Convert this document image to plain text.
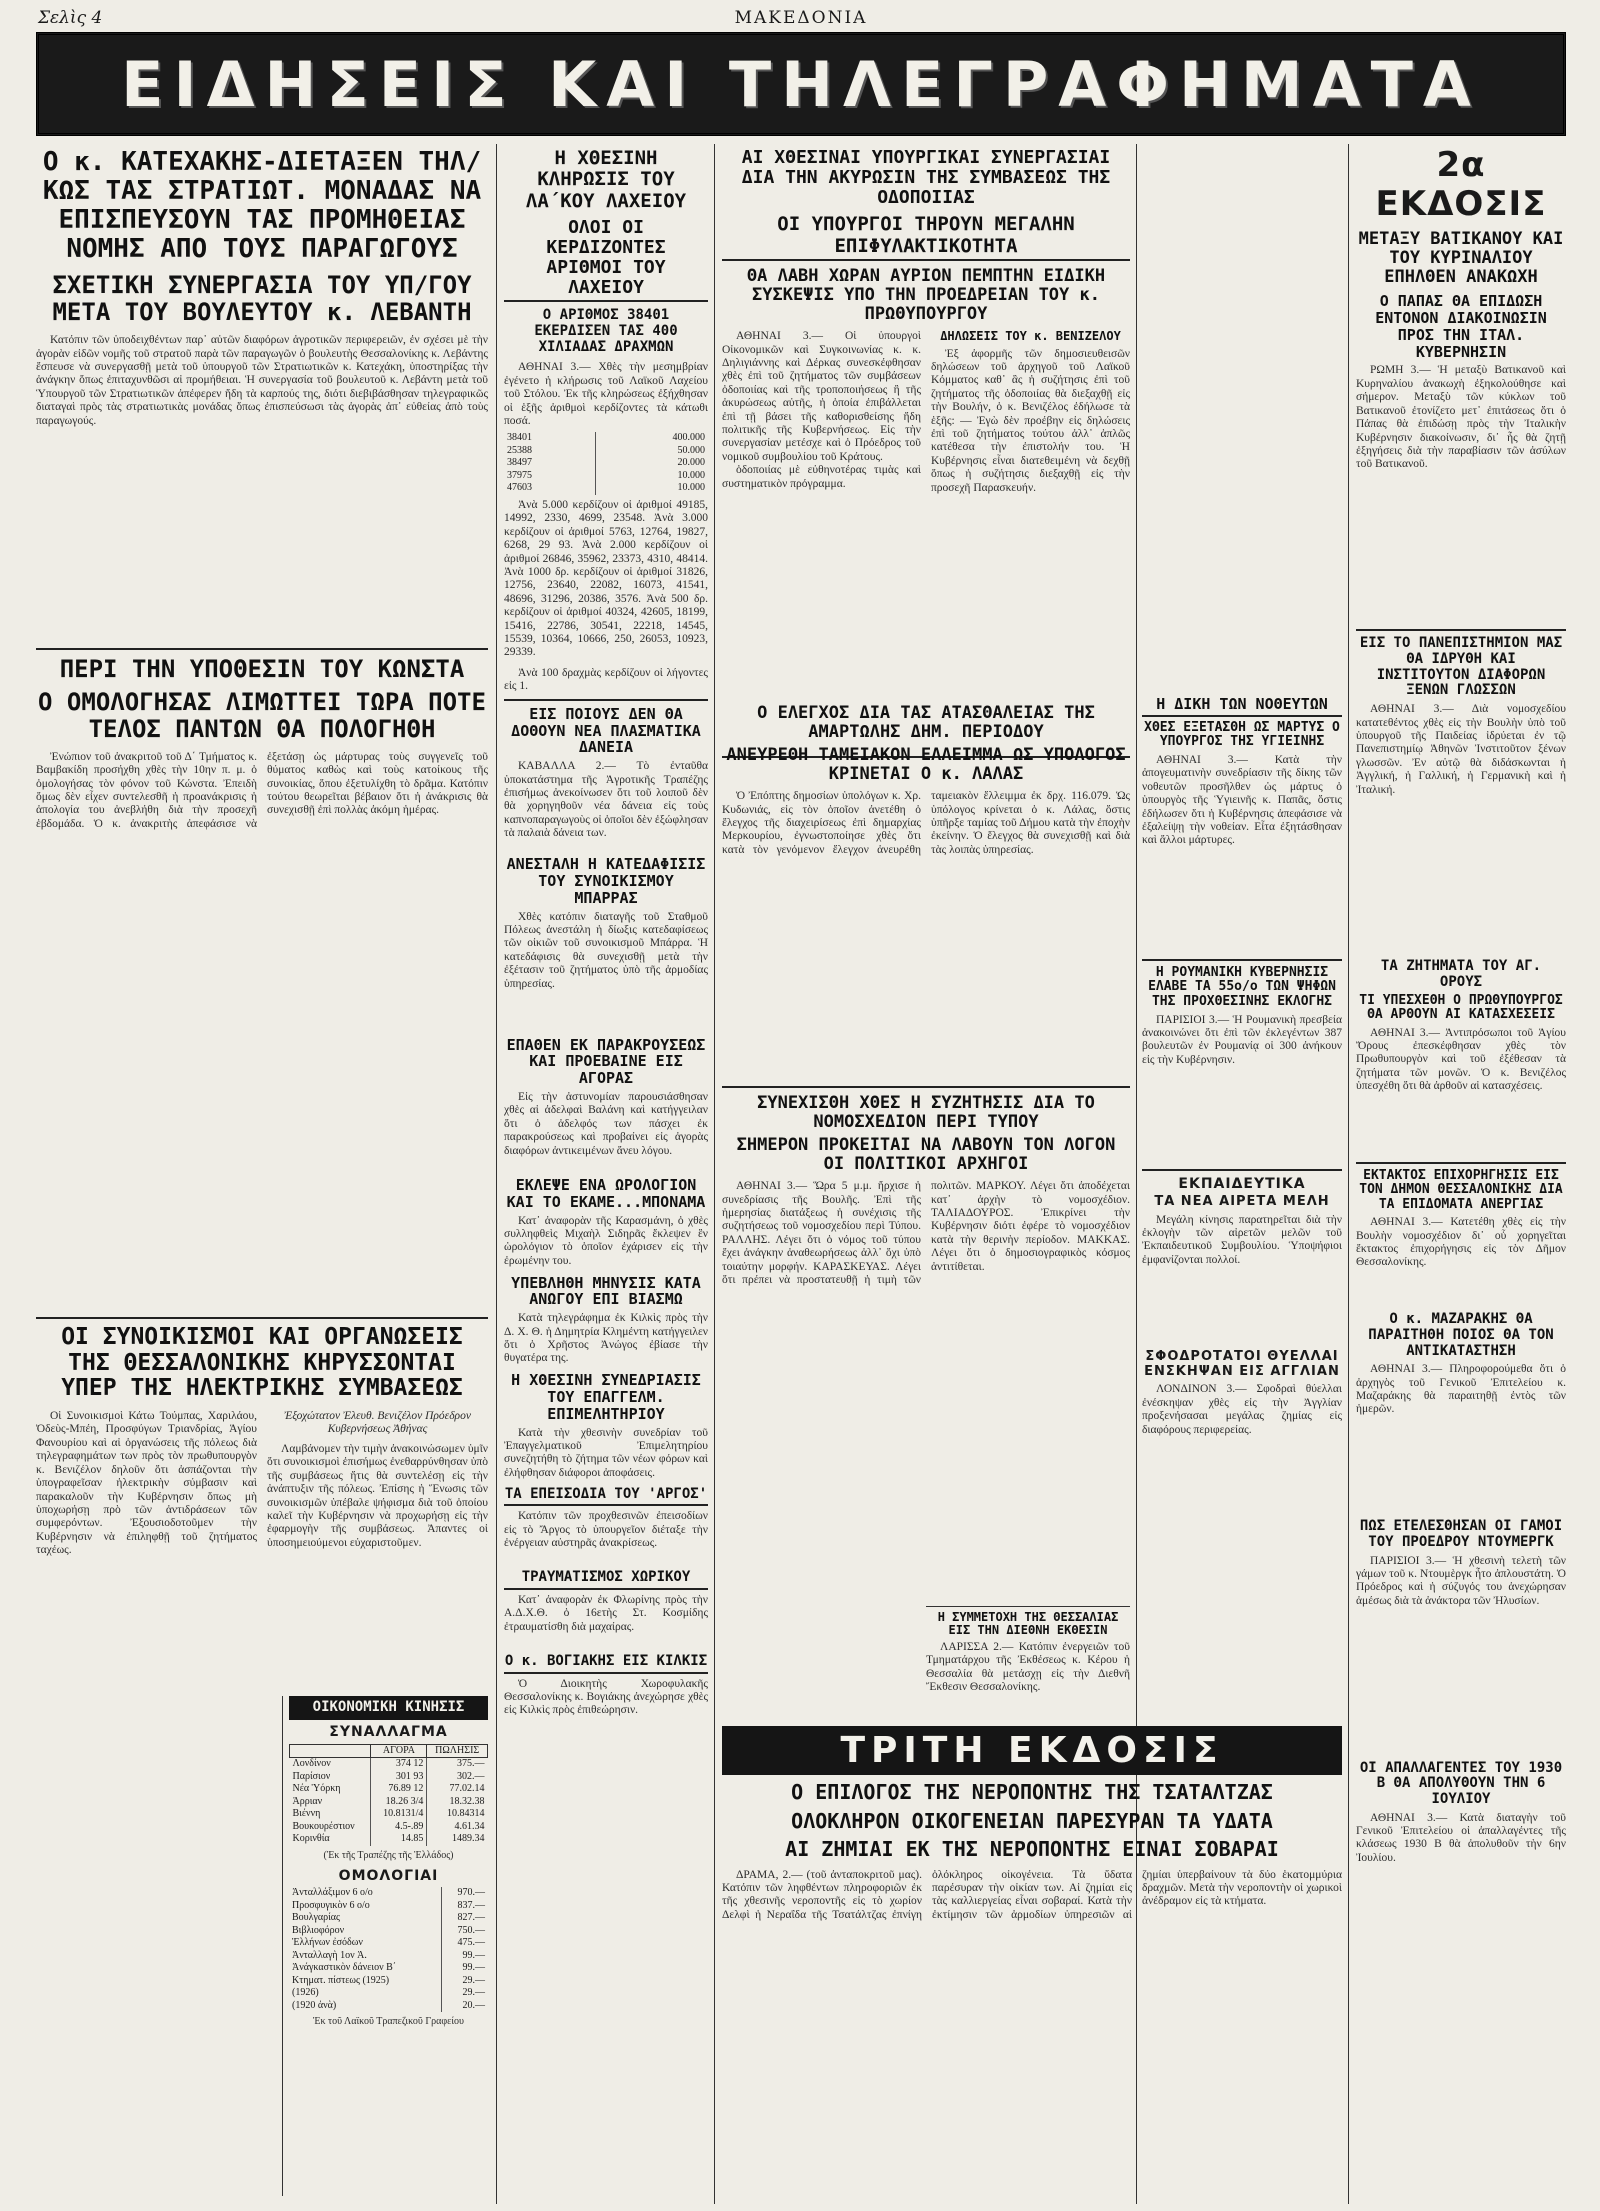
Σελὶς 4	ΜΑΚΕΔΟΝΙΑ
ΕΙΔΗΣΕΙΣ ΚΑΙ ΤΗΛΕΓΡΑΦΗΜΑΤΑ
Ο κ. ΚΑΤΕΧΑΚΗΣ-ΔΙΕΤΑΞΕΝ ΤΗΛ/ΚΩΣ ΤΑΣ ΣΤΡΑΤΙΩΤ. ΜΟΝΑΔΑΣ ΝΑ ΕΠΙΣΠΕΥΣΟΥΝ ΤΑΣ ΠΡΟΜΗΘΕΙΑΣ ΝΟΜΗΣ ΑΠΟ ΤΟΥΣ ΠΑΡΑΓΩΓΟΥΣ
ΣΧΕΤΙΚΗ ΣΥΝΕΡΓΑΣΙΑ ΤΟΥ ΥΠ/ΓΟΥ ΜΕΤΑ ΤΟΥ ΒΟΥΛΕΥΤΟΥ κ. ΛΕΒΑΝΤΗ

Κατόπιν τῶν ὑποδειχθέντων παρ᾽ αὐτῶν διαφόρων ἀγροτικῶν περιφερειῶν, ἐν σχέσει μὲ τὴν ἀγορὰν εἰδῶν νομῆς τοῦ στρατοῦ παρὰ τῶν παραγωγῶν ὁ βουλευτὴς Θεσσαλονίκης κ. Λεβάντης ἔσπευσε νὰ συνεργασθῇ μετὰ τοῦ ὑπουργοῦ τῶν Στρατιωτικῶν κ. Κατεχάκη, ὑποστηρίξας τὴν ἀνάγκην ὅπως ἐπιταχυνθῶσι αἱ προμήθειαι. Ἡ συνεργασία τοῦ βουλευτοῦ κ. Λεβάντη μετὰ τοῦ Ὑπουργοῦ τῶν Στρατιωτικῶν ἀπέφερεν ἤδη τὰ καρπούς της, διότι διεβιβάσθησαν τηλεγραφικῶς διαταγαὶ πρὸς τὰς στρατιωτικὰς μονάδας ὅπως ἐπισπεύσωσι τὰς ἀγορὰς ἀπ᾽ εὐθείας ἀπὸ τοὺς παραγωγούς.

ΠΕΡΙ ΤΗΝ ΥΠΟΘΕΣΙΝ ΤΟΥ ΚΩΝΣΤΑ
Ο ΟΜΟΛΟΓΗΣΑΣ ΛΙΜΩΤΤΕΙ ΤΩΡΑ ΠΟΤΕ ΤΕΛΟΣ ΠΑΝΤΩΝ ΘΑ ΠΟΛΟΓΗΘΗ

Ἐνώπιον τοῦ ἀνακριτοῦ τοῦ Δ΄ Τμήματος κ. Βαμβακίδη προσήχθη χθὲς τὴν 10ην π. μ. ὁ ὁμολογήσας τὸν φόνον τοῦ Κώνστα. Ἐπειδὴ ὅμως δὲν εἶχεν συντελεσθῆ ἡ προανάκρισις ἡ ἀπολογία του ἀνεβλήθη διὰ τὴν προσεχῆ ἑβδομάδα. Ὁ κ. ἀνακριτὴς ἀπεφάσισε νὰ ἐξετάσῃ ὡς μάρτυρας τοὺς συγγενεῖς τοῦ θύματος καθὼς καὶ τοὺς κατοίκους τῆς συνοικίας, ὅπου ἐξετυλίχθη τὸ δρᾶμα. Κατόπιν τούτου θεωρεῖται βέβαιον ὅτι ἡ ἀνάκρισις θὰ συνεχισθῇ ἐπὶ πολλὰς ἀκόμη ἡμέρας.

ΟΙ ΣΥΝΟΙΚΙΣΜΟΙ ΚΑΙ ΟΡΓΑΝΩΣΕΙΣ ΤΗΣ ΘΕΣΣΑΛΟΝΙΚΗΣ ΚΗΡΥΣΣΟΝΤΑΙ ΥΠΕΡ ΤΗΣ ΗΛΕΚΤΡΙΚΗΣ ΣΥΜΒΑΣΕΩΣ

Οἱ Συνοικισμοὶ Κάτω Τούμπας, Χαριλάου, Ὀδεὺς-Μπέη, Προσφύγων Τριανδρίας, Ἁγίου Φανουρίου καὶ αἱ ὀργανώσεις τῆς πόλεως διὰ τηλεγραφημάτων των πρὸς τὸν πρωθυπουργὸν κ. Βενιζέλον δηλοῦν ὅτι ἀσπάζονται τὴν ὑπογραφεῖσαν ἠλεκτρικὴν σύμβασιν καὶ παρακαλοῦν τὴν Κυβέρνησιν ὅπως μὴ ὑποχωρήσῃ πρὸ τῶν ἀντιδράσεων τῶν συμφερόντων. Ἐξουσιοδοτοῦμεν τὴν Κυβέρνησιν νὰ ἐπιληφθῇ τοῦ ζητήματος ταχέως.

Ἐξοχώτατον Ἐλευθ. Βενιζέλον Πρόεδρον Κυβερνήσεως Ἀθήνας

Λαμβάνομεν τὴν τιμὴν ἀνακοινώσωμεν ὑμῖν ὅτι συνοικισμοὶ ἐπισήμως ἐνεθαρρύνθησαν ὑπὸ τῆς συμβάσεως ἤτις θὰ συντελέσῃ εἰς τὴν ἀνάπτυξιν τῆς πόλεως. Ἐπίσης ἡ Ἕνωσις τῶν συνοικισμῶν ὑπέβαλε ψήφισμα διὰ τοῦ ὁποίου καλεῖ τὴν Κυβέρνησιν νὰ προχωρήσῃ εἰς τὴν ἐφαρμογὴν τῆς συμβάσεως. Ἀπαντες οἱ ὑποσημειούμενοι εὐχαριστοῦμεν.

Η ΧΘΕΣΙΝΗ ΚΛΗΡΩΣΙΣ ΤΟΥ ΛΑ΄ΚΟΥ ΛΑΧΕΙΟΥ
ΟΛΟΙ ΟΙ ΚΕΡΔΙΖΟΝΤΕΣ ΑΡΙΘΜΟΙ ΤΟΥ ΛΑΧΕΙΟΥ
Ο ΑΡΙΘΜΟΣ 38401 ΕΚΕΡΔΙΣΕΝ ΤΑΣ 400 ΧΙΛΙΑΔΑΣ ΔΡΑΧΜΩΝ

ΑΘΗΝΑΙ 3.— Χθὲς τὴν μεσημβρίαν ἐγένετο ἡ κλήρωσις τοῦ Λαϊκοῦ Λαχείου τοῦ Στόλου. Ἐκ τῆς κληρώσεως ἐξήχθησαν οἱ ἑξῆς ἀριθμοὶ κερδίζοντες τὰ κάτωθι ποσά.

38401	400.000
25388	50.000
38497	20.000
37975	10.000
47603	10.000

Ἀνὰ 5.000 κερδίζουν οἱ ἀριθμοί 49185, 14992, 2330, 4699, 23548. Ἀνὰ 3.000 κερδίζουν οἱ ἀριθμοί 5763, 12764, 19827, 6268, 29 93. Ἀνὰ 2.000 κερδίζουν οἱ ἀριθμοί 26846, 35962, 23373, 4310, 48414. Ἀνὰ 1000 δρ. κερδίζουν οἱ ἀριθμοί 31826, 12756, 23640, 22082, 16073, 41541, 48696, 31296, 20386, 3576. Ἀνὰ 500 δρ. κερδίζουν οἱ ἀριθμοί 40324, 42605, 18199, 15416, 22786, 30541, 22218, 14545, 15539, 10364, 10666, 250, 26053, 10923, 29339.

Ἀνὰ 100 δραχμὰς κερδίζουν οἱ λήγοντες εἰς 1.

ΕΙΣ ΠΟΙΟΥΣ ΔΕΝ ΘΑ ΔΟΘΟΥΝ ΝΕΑ ΠΛΑΣΜΑΤΙΚΑ ΔΑΝΕΙΑ

ΚΑΒΑΛΛΑ 2.— Τὸ ἐνταῦθα ὑποκατάστημα τῆς Ἀγροτικῆς Τραπέζης ἐπισήμως ἀνεκοίνωσεν ὅτι τοῦ λοιποῦ δὲν θὰ χορηγηθοῦν νέα δάνεια εἰς τοὺς καπνοπαραγωγοὺς οἱ ὁποῖοι δὲν ἐξώφλησαν τὰ παλαιὰ δάνεια των.

ΑΝΕΣΤΑΛΗ Η ΚΑΤΕΔΑΦΙΣΙΣ ΤΟΥ ΣΥΝΟΙΚΙΣΜΟΥ ΜΠΑΡΡΑΣ

Χθὲς κατόπιν διαταγῆς τοῦ Σταθμοῦ Πόλεως ἀνεστάλη ἡ δίωξις κατεδαφίσεως τῶν οἰκιῶν τοῦ συνοικισμοῦ Μπάρρα. Ἡ κατεδάφισις θὰ συνεχισθῇ μετὰ τὴν ἐξέτασιν τοῦ ζητήματος ὑπὸ τῆς ἁρμοδίας ὑπηρεσίας.

ΕΠΑΘΕΝ ΕΚ ΠΑΡΑΚΡΟΥΣΕΩΣ ΚΑΙ ΠΡΟΕΒΑΙΝΕ ΕΙΣ ΑΓΟΡΑΣ

Εἰς τὴν ἀστυνομίαν παρουσιάσθησαν χθὲς αἱ ἀδελφαὶ Βαλάνη καὶ κατήγγειλαν ὅτι ὁ ἀδελφός των πάσχει ἐκ παρακρούσεως καὶ προβαίνει εἰς ἀγορὰς διαφόρων ἀντικειμένων ἄνευ λόγου.

ΕΚΛΕΨΕ ΕΝΑ ΩΡΟΛΟΓΙΟΝ ΚΑΙ ΤΟ ΕΚΑΜΕ...ΜΠΟΝΑΜΑ

Κατ᾽ ἀναφορὰν τῆς Καρασμάνη, ὁ χθὲς συλληφθεὶς Μιχαὴλ Σιδηρᾶς ἔκλεψεν ἓν ὡρολόγιον τὸ ὁποῖον ἐχάρισεν εἰς τὴν ἐρωμένην του.

ΥΠΕΒΛΗΘΗ ΜΗΝΥΣΙΣ ΚΑΤΑ ΑΝΩΓΟΥ ΕΠΙ ΒΙΑΣΜΩ

Κατὰ τηλεγράφημα ἐκ Κιλκὶς πρὸς τὴν Δ. Χ. Θ. ἡ Δημητρία Κλημέντη κατήγγειλεν ὅτι ὁ Χρῆστος Ἀνώγος ἐβίασε τὴν θυγατέρα της.

Η ΧΘΕΣΙΝΗ ΣΥΝΕΔΡΙΑΣΙΣ ΤΟΥ ΕΠΑΓΓΕΛΜ. ΕΠΙΜΕΛΗΤΗΡΙΟΥ

Κατὰ τὴν χθεσινὴν συνεδρίαν τοῦ Ἐπαγγελματικοῦ Ἐπιμελητηρίου συνεζητήθη τὸ ζήτημα τῶν νέων φόρων καὶ ἐλήφθησαν διάφοροι ἀποφάσεις.

ΤΑ ΕΠΕΙΣΟΔΙΑ ΤΟΥ 'ΑΡΓΟΣ'

Κατόπιν τῶν προχθεσινῶν ἐπεισοδίων εἰς τὸ Ἄργος τὸ ὑπουργεῖον διέταξε τὴν ἐνέργειαν αὐστηρᾶς ἀνακρίσεως.

ΤΡΑΥΜΑΤΙΣΜΟΣ ΧΩΡΙΚΟΥ

Κατ᾽ ἀναφορὰν ἐκ Φλωρίνης πρὸς τὴν Α.Δ.Χ.Θ. ὁ 16ετὴς Στ. Κοσμίδης ἐτραυματίσθη διὰ μαχαίρας.

Ο κ. ΒΟΓΙΑΚΗΣ ΕΙΣ ΚΙΛΚΙΣ

Ὁ Διοικητὴς Χωροφυλακῆς Θεσσαλονίκης κ. Βογιάκης ἀνεχώρησε χθὲς εἰς Κιλκὶς πρὸς ἐπιθεώρησιν.

ΟΙΚΟΝΟΜΙΚΗ ΚΙΝΗΣΙΣ
ΣΥΝΑΛΛΑΓΜΑ
	ΑΓΟΡΑ	ΠΩΛΗΣΙΣ
Λονδίνον	374 12	375.—
Παρίσιον	301 93	302.—
Νέα Ὑόρκη	76.89 12	77.02.14
Ἀρριαν	18.26 3/4	18.32.38
Βιέννη	10.8131/4	10.84314
Βουκουρέστιον	4.5-.89	4.61.34
Κορινθία	14.85	1489.34
(Ἐκ τῆς Τραπέζης τῆς Ἑλλάδος)
ΟΜΟΛΟΓΙΑΙ
Ἀνταλλάξιμον 6 ο/ο	970.—
Προσφυγικὸν 6 ο/ο	837.—
Βουλγαρίας	827.—
Βιβλιοφόρον	750.—
Ἑλλήνων ἐσόδων	475.—
Ἀνταλλαγὴ 1ον Ἀ.	99.—
Ἀνάγκαστικὸν δάνειον Β΄	99.—
Κτηματ. πίστεως (1925)	29.—
(1926)	29.—
(1920 ἀνὰ)	20.—
Ἐκ τοῦ Λαϊκοῦ Τραπεζικοῦ Γραφείου
ΑΙ ΧΘΕΣΙΝΑΙ ΥΠΟΥΡΓΙΚΑΙ ΣΥΝΕΡΓΑΣΙΑΙ ΔΙΑ ΤΗΝ ΑΚΥΡΩΣΙΝ ΤΗΣ ΣΥΜΒΑΣΕΩΣ ΤΗΣ ΟΔΟΠΟΙΙΑΣ
ΟΙ ΥΠΟΥΡΓΟΙ ΤΗΡΟΥΝ ΜΕΓΑΛΗΝ ΕΠΙΦΥΛΑΚΤΙΚΟΤΗΤΑ
ΘΑ ΛΑΒΗ ΧΩΡΑΝ ΑΥΡΙΟΝ ΠΕΜΠΤΗΝ ΕΙΔΙΚΗ ΣΥΣΚΕΨΙΣ ΥΠΟ ΤΗΝ ΠΡΟΕΔΡΕΙΑΝ ΤΟΥ κ. ΠΡΩΘΥΠΟΥΡΓΟΥ

ΑΘΗΝΑΙ 3.— Οἱ ὑπουργοὶ Οἰκονομικῶν καὶ Συγκοινωνίας κ. κ. Δηλιγιάννης καὶ Δέρκας συνεσκέφθησαν χθὲς ἐπὶ τοῦ ζητήματος τῶν συμβάσεων ὁδοποιίας καὶ τῆς τροποποιήσεως ἢ τῆς ἀκυρώσεως αὐτῆς, ἡ ὁποία ἐπιβάλλεται ἐπὶ τῇ βάσει τῆς καθορισθείσης ἤδη πολιτικῆς τῆς Κυβερνήσεως. Εἰς τὴν συνεργασίαν μετέσχε καὶ ὁ Πρόεδρος τοῦ νομικοῦ συμβουλίου τοῦ Κράτους.

ὁδοποιίας μὲ εὐθηνοτέρας τιμὰς καὶ συστηματικὸν πρόγραμμα.

ΔΗΛΩΣΕΙΣ ΤΟΥ κ. ΒΕΝΙΖΕΛΟΥ

Ἐξ ἀφορμῆς τῶν δημοσιευθεισῶν δηλώσεων τοῦ ἀρχηγοῦ τοῦ Λαϊκοῦ Κόμματος καθ᾽ ἃς ἡ συζήτησις ἐπὶ τοῦ ζητήματος τῆς ὁδοποιίας θὰ διεξαχθῇ εἰς τὴν Βουλήν, ὁ κ. Βενιζέλος ἐδήλωσε τὰ ἑξῆς: — Ἐγὼ δὲν προέβην εἰς δηλώσεις ἐπὶ τοῦ ζητήματος τούτου ἀλλ᾽ ἁπλῶς κατέθεσα τὴν ἐπιστολήν του. Ἡ Κυβέρνησις εἶναι διατεθειμένη νὰ δεχθῇ ὅπως ἡ συζήτησις διεξαχθῇ εἰς τὴν προσεχῆ Παρασκευήν.

Ο ΕΛΕΓΧΟΣ ΔΙΑ ΤΑΣ ΑΤΑΣΘΑΛΕΙΑΣ ΤΗΣ ΑΜΑΡΤΩΛΗΣ ΔΗΜ. ΠΕΡΙΟΔΟΥ
ΑΝΕΥΡΕΘΗ ΤΑΜΕΙΑΚΟΝ ΕΛΛΕΙΜΜΑ ΩΣ ΥΠΟΛΟΓΟΣ ΚΡΙΝΕΤΑΙ Ο κ. ΛΑΛΑΣ

Ὁ Ἐπόπτης δημοσίων ὑπολόγων κ. Χρ. Κυδωνιάς, εἰς τὸν ὁποῖον ἀνετέθη ὁ ἔλεγχος τῆς διαχειρίσεως ἐπὶ δημαρχίας Μερκουρίου, ἐγνωστοποίησε χθὲς ὅτι κατὰ τὸν γενόμενον ἔλεγχον ἀνευρέθη ταμειακὸν ἔλλειμμα ἐκ δρχ. 116.079. Ὡς ὑπόλογος κρίνεται ὁ κ. Λάλας, ὅστις ὑπῆρξε ταμίας τοῦ Δήμου κατὰ τὴν ἐποχὴν ἐκείνην. Ὁ ἔλεγχος θὰ συνεχισθῇ καὶ διὰ τὰς λοιπὰς ὑπηρεσίας.

ΣΥΝΕΧΙΣΘΗ ΧΘΕΣ Η ΣΥΖΗΤΗΣΙΣ ΔΙΑ ΤΟ ΝΟΜΟΣΧΕΔΙΟΝ ΠΕΡΙ ΤΥΠΟΥ
ΣΗΜΕΡΟΝ ΠΡΟΚΕΙΤΑΙ ΝΑ ΛΑΒΟΥΝ ΤΟΝ ΛΟΓΟΝ ΟΙ ΠΟΛΙΤΙΚΟΙ ΑΡΧΗΓΟΙ

ΑΘΗΝΑΙ 3.— Ὥρα 5 μ.μ. ἤρχισε ἡ συνεδρίασις τῆς Βουλῆς. Ἐπὶ τῆς ἡμερησίας διατάξεως ἡ συνέχισις τῆς συζητήσεως τοῦ νομοσχεδίου περὶ Τύπου. ΡΑΛΛΗΣ. Λέγει ὅτι ὁ νόμος τοῦ τύπου ἔχει ἀνάγκην ἀναθεωρήσεως ἀλλ᾽ ὄχι ὑπὸ τοιαύτην μορφήν. ΚΑΡΑΣΚΕΥΑΣ. Λέγει ὅτι πρέπει νὰ προστατευθῇ ἡ τιμὴ τῶν πολιτῶν. ΜΑΡΚΟΥ. Λέγει ὅτι ἀποδέχεται κατ᾽ ἀρχὴν τὸ νομοσχέδιον. ΤΑΛΙΑΔΟΥΡΟΣ. Ἐπικρίνει τὴν Κυβέρνησιν διότι ἐφέρε τὸ νομοσχέδιον κατὰ τὴν θερινὴν περίοδον. ΜΑΚΚΑΣ. Λέγει ὅτι ὁ δημοσιογραφικὸς κόσμος ἀντιτίθεται.

Η ΔΙΚΗ ΤΩΝ ΝΟΘΕΥΤΩΝ
ΧΘΕΣ ΕΞΕΤΑΣΘΗ ΩΣ ΜΑΡΤΥΣ Ο ΥΠΟΥΡΓΟΣ ΤΗΣ ΥΓΙΕΙΝΗΣ

ΑΘΗΝΑΙ 3.— Κατὰ τὴν ἀπογευματινὴν συνεδρίασιν τῆς δίκης τῶν νοθευτῶν προσῆλθεν ὡς μάρτυς ὁ ὑπουργὸς τῆς Ὑγιεινῆς κ. Παπᾶς, ὅστις ἐδήλωσεν ὅτι ἡ Κυβέρνησις ἀπεφάσισε νὰ ἐξαλείψῃ τὴν νοθείαν. Εἶτα ἐξητάσθησαν καὶ ἄλλοι μάρτυρες.

Η ΡΟΥΜΑΝΙΚΗ ΚΥΒΕΡΝΗΣΙΣ ΕΛΑΒΕ ΤΑ 55ο/ο ΤΩΝ ΨΗΦΩΝ ΤΗΣ ΠΡΟΧΘΕΣΙΝΗΣ ΕΚΛΟΓΗΣ

ΠΑΡΙΣΙΟΙ 3.— Ἡ Ρουμανικὴ πρεσβεία ἀνακοινώνει ὅτι ἐπὶ τῶν ἐκλεγέντων 387 βουλευτῶν ἐν Ρουμανίᾳ οἱ 300 ἀνήκουν εἰς τὴν Κυβέρνησιν.

ΕΚΠΑΙΔΕΥΤΙΚΑ
ΤΑ ΝΕΑ ΑΙΡΕΤΑ ΜΕΛΗ

Μεγάλη κίνησις παρατηρεῖται διὰ τὴν ἐκλογὴν τῶν αἱρετῶν μελῶν τοῦ Ἐκπαιδευτικοῦ Συμβουλίου. Ὑποψήφιοι ἐμφανίζονται πολλοί.

ΣΦΟΔΡΟΤΑΤΟΙ ΘΥΕΛΛΑΙ ΕΝΣΚΗΨΑΝ ΕΙΣ ΑΓΓΛΙΑΝ

ΛΟΝΔΙΝΟΝ 3.— Σφοδραὶ θύελλαι ἐνέσκηψαν χθὲς εἰς τὴν Ἀγγλίαν προξενήσασαι μεγάλας ζημίας εἰς διαφόρους περιφερείας.

Η ΣΥΜΜΕΤΟΧΗ ΤΗΣ ΘΕΣΣΑΛΙΑΣ ΕΙΣ ΤΗΝ ΔΙΕΘΝΗ ΕΚΘΕΣΙΝ

ΛΑΡΙΣΣΑ 2.— Κατόπιν ἐνεργειῶν τοῦ Τμηματάρχου τῆς Ἐκθέσεως κ. Κέρου ἡ Θεσσαλία θὰ μετάσχῃ εἰς τὴν Διεθνῆ Ἔκθεσιν Θεσσαλονίκης.

ΤΡΙΤΗ ΕΚΔΟΣΙΣ
Ο ΕΠΙΛΟΓΟΣ ΤΗΣ ΝΕΡΟΠΟΝΤΗΣ ΤΗΣ ΤΣΑΤΑΛΤΖΑΣ
ΟΛΟΚΛΗΡΟΝ ΟΙΚΟΓΕΝΕΙΑΝ ΠΑΡΕΣΥΡΑΝ ΤΑ ΥΔΑΤΑ
ΑΙ ΖΗΜΙΑΙ ΕΚ ΤΗΣ ΝΕΡΟΠΟΝΤΗΣ ΕΙΝΑΙ ΣΟΒΑΡΑΙ

ΔΡΑΜΑ, 2.— (τοῦ ἀνταποκριτοῦ μας). Κατόπιν τῶν ληφθέντων πληροφοριῶν ἐκ τῆς χθεσινῆς νεροποντῆς εἰς τὸ χωρίον Δελφὶ ἡ Νεραΐδα τῆς Τσατάλτζας ἐπνίγη ὁλόκληρος οἰκογένεια. Τὰ ὕδατα παρέσυραν τὴν οἰκίαν των. Αἱ ζημίαι εἰς τὰς καλλιεργείας εἶναι σοβαραί. Κατὰ τὴν ἐκτίμησιν τῶν ἁρμοδίων ὑπηρεσιῶν αἱ ζημίαι ὑπερβαίνουν τὰ δύο ἑκατομμύρια δραχμῶν. Μετὰ τὴν νεροποντὴν οἱ χωρικοὶ ἀνέδραμον εἰς τὰ κτήματα.

2α ΕΚΔΟΣΙΣ
ΜΕΤΑΞΥ ΒΑΤΙΚΑΝΟΥ ΚΑΙ ΤΟΥ ΚΥΡΙΝΑΛΙΟΥ ΕΠΗΛΘΕΝ ΑΝΑΚΩΧΗ
Ο ΠΑΠΑΣ ΘΑ ΕΠΙΔΩΣΗ ΕΝΤΟΝΟΝ ΔΙΑΚΟΙΝΩΣΙΝ ΠΡΟΣ ΤΗΝ ΙΤΑΛ. ΚΥΒΕΡΝΗΣΙΝ

ΡΩΜΗ 3.— Ἡ μεταξὺ Βατικανοῦ καὶ Κυρηναλίου ἀνακωχὴ ἐξηκολούθησε καὶ σήμερον. Μεταξὺ τῶν κύκλων τοῦ Βατικανοῦ ἐτονίζετο μετ᾽ ἐπιτάσεως ὅτι ὁ Πάπας θὰ ἐπιδώσῃ πρὸς τὴν Ἰταλικὴν Κυβέρνησιν διακοίνωσιν, δι᾽ ἧς θὰ ζητῇ ἐξηγήσεις διὰ τὴν παραβίασιν τῶν ἀσύλων τοῦ Βατικανοῦ.

ΕΙΣ ΤΟ ΠΑΝΕΠΙΣΤΗΜΙΟΝ ΜΑΣ ΘΑ ΙΔΡΥΘΗ ΚΑΙ ΙΝΣΤΙΤΟΥΤΟΝ ΔΙΑΦΟΡΩΝ ΞΕΝΩΝ ΓΛΩΣΣΩΝ

ΑΘΗΝΑΙ 3.— Διὰ νομοσχεδίου κατατεθέντος χθὲς εἰς τὴν Βουλὴν ὑπὸ τοῦ ὑπουργοῦ τῆς Παιδείας ἱδρύεται ἐν τῷ Πανεπιστημίῳ Ἀθηνῶν Ἰνστιτοῦτον ξένων γλωσσῶν. Ἐν αὐτῷ θὰ διδάσκωνται ἡ Ἀγγλική, ἡ Γαλλική, ἡ Γερμανικὴ καὶ ἡ Ἰταλική.

ΤΑ ΖΗΤΗΜΑΤΑ ΤΟΥ ΑΓ. ΟΡΟΥΣ
ΤΙ ΥΠΕΣΧΕΘΗ Ο ΠΡΩΘΥΠΟΥΡΓΟΣ ΘΑ ΑΡΘΟΥΝ ΑΙ ΚΑΤΑΣΧΕΣΕΙΣ

ΑΘΗΝΑΙ 3.— Ἀντιπρόσωποι τοῦ Ἁγίου Ὄρους ἐπεσκέφθησαν χθὲς τὸν Πρωθυπουργὸν καὶ τοῦ ἐξέθεσαν τὰ ζητήματα τῶν μονῶν. Ὁ κ. Βενιζέλος ὑπεσχέθη ὅτι θὰ ἀρθοῦν αἱ κατασχέσεις.

ΕΚΤΑΚΤΟΣ ΕΠΙΧΟΡΗΓΗΣΙΣ ΕΙΣ ΤΟΝ ΔΗΜΟΝ ΘΕΣΣΑΛΟΝΙΚΗΣ ΔΙΑ ΤΑ ΕΠΙΔΟΜΑΤΑ ΑΝΕΡΓΙΑΣ

ΑΘΗΝΑΙ 3.— Κατετέθη χθὲς εἰς τὴν Βουλὴν νομοσχέδιον δι᾽ οὗ χορηγεῖται ἔκτακτος ἐπιχορήγησις εἰς τὸν Δῆμον Θεσσαλονίκης.

Ο κ. ΜΑΖΑΡΑΚΗΣ ΘΑ ΠΑΡΑΙΤΗΘΗ ΠΟΙΟΣ ΘΑ ΤΟΝ ΑΝΤΙΚΑΤΑΣΤΗΣΗ

ΑΘΗΝΑΙ 3.— Πληροφορούμεθα ὅτι ὁ ἀρχηγὸς τοῦ Γενικοῦ Ἐπιτελείου κ. Μαζαράκης θὰ παραιτηθῇ ἐντὸς τῶν ἡμερῶν.

ΠΩΣ ΕΤΕΛΕΣΘΗΣΑΝ ΟΙ ΓΑΜΟΙ ΤΟΥ ΠΡΟΕΔΡΟΥ ΝΤΟΥΜΕΡΓΚ

ΠΑΡΙΣΙΟΙ 3.— Ἡ χθεσινὴ τελετὴ τῶν γάμων τοῦ κ. Ντουμὲργκ ἦτο ἁπλουστάτη. Ὁ Πρόεδρος καὶ ἡ σύζυγός του ἀνεχώρησαν ἀμέσως διὰ τὰ ἀνάκτορα τῶν Ἠλυσίων.

ΟΙ ΑΠΑΛΛΑΓΕΝΤΕΣ ΤΟΥ 1930 Β ΘΑ ΑΠΟΛΥΘΟΥΝ ΤΗΝ 6 ΙΟΥΛΙΟΥ

ΑΘΗΝΑΙ 3.— Κατὰ διαταγὴν τοῦ Γενικοῦ Ἐπιτελείου οἱ ἀπαλλαγέντες τῆς κλάσεως 1930 Β θὰ ἀπολυθοῦν τὴν 6ην Ἰουλίου.
